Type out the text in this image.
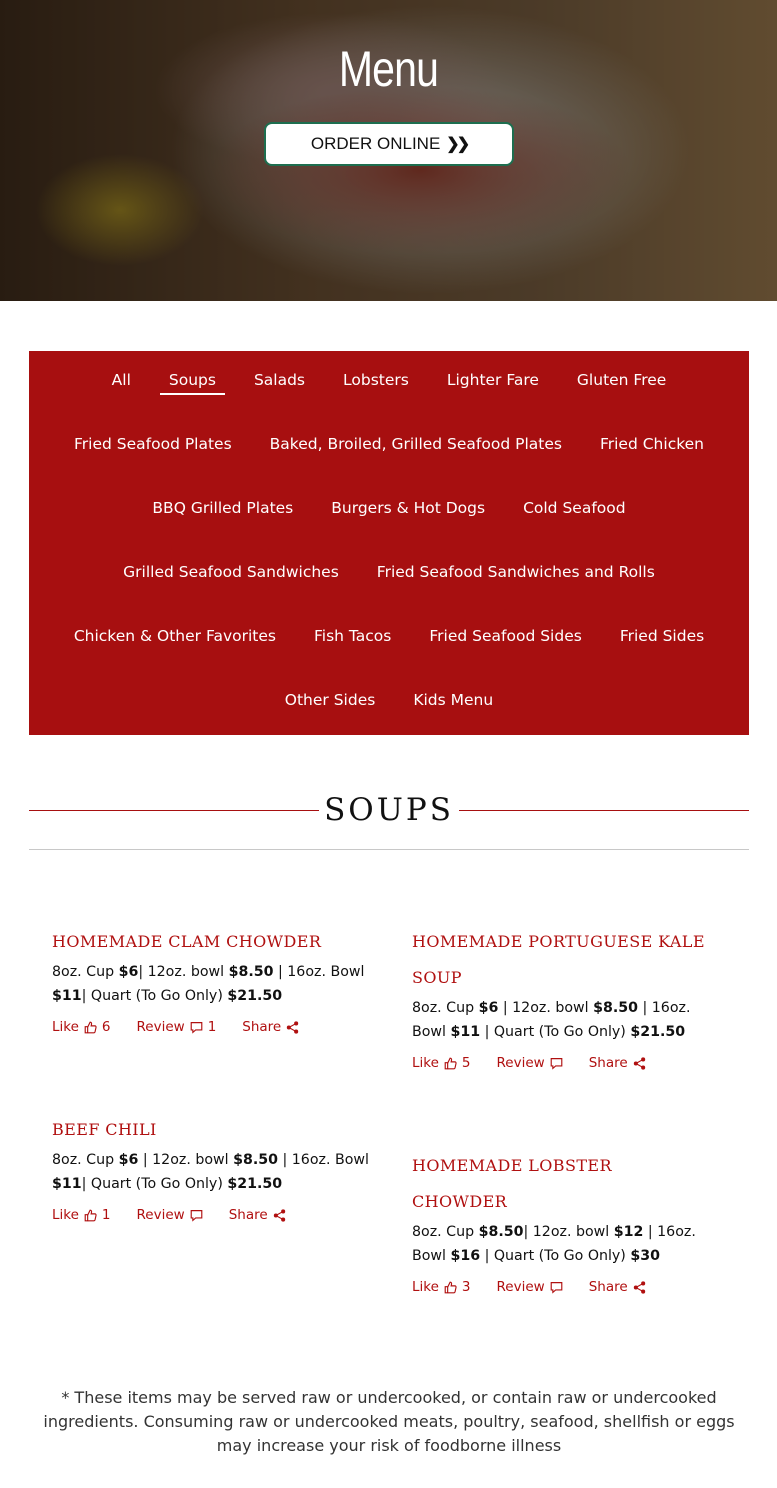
Menu
ORDER ONLINE ❯❯
All	Soups	Salads	Lobsters	Lighter Fare	Gluten Free
Fried Seafood Plates	Baked, Broiled, Grilled Seafood Plates	Fried Chicken
BBQ Grilled Plates	Burgers & Hot Dogs	Cold Seafood
Grilled Seafood Sandwiches	Fried Seafood Sandwiches and Rolls
Chicken & Other Favorites	Fish Tacos	Fried Seafood Sides	Fried Sides
Other Sides	Kids Menu
SOUPS
HOMEMADE CLAM CHOWDER
8oz. Cup $6| 12oz. bowl $8.50 | 16oz. Bowl $11| Quart (To Go Only) $21.50
Like 6 Review 1 Share
HOMEMADE PORTUGUESE KALE SOUP
8oz. Cup $6 | 12oz. bowl $8.50 | 16oz. Bowl $11 | Quart (To Go Only) $21.50
Like 5 Review	Share
BEEF CHILI
8oz. Cup $6 | 12oz. bowl $8.50 | 16oz. Bowl $11| Quart (To Go Only) $21.50
Like 1 Review	Share
HOMEMADE LOBSTER CHOWDER
8oz. Cup $8.50| 12oz. bowl $12 | 16oz. Bowl $16 | Quart (To Go Only) $30
Like 3 Review	Share
* These items may be served raw or undercooked, or contain raw or undercooked ingredients. Consuming raw or undercooked meats, poultry, seafood, shellfish or eggs may increase your risk of foodborne illness
